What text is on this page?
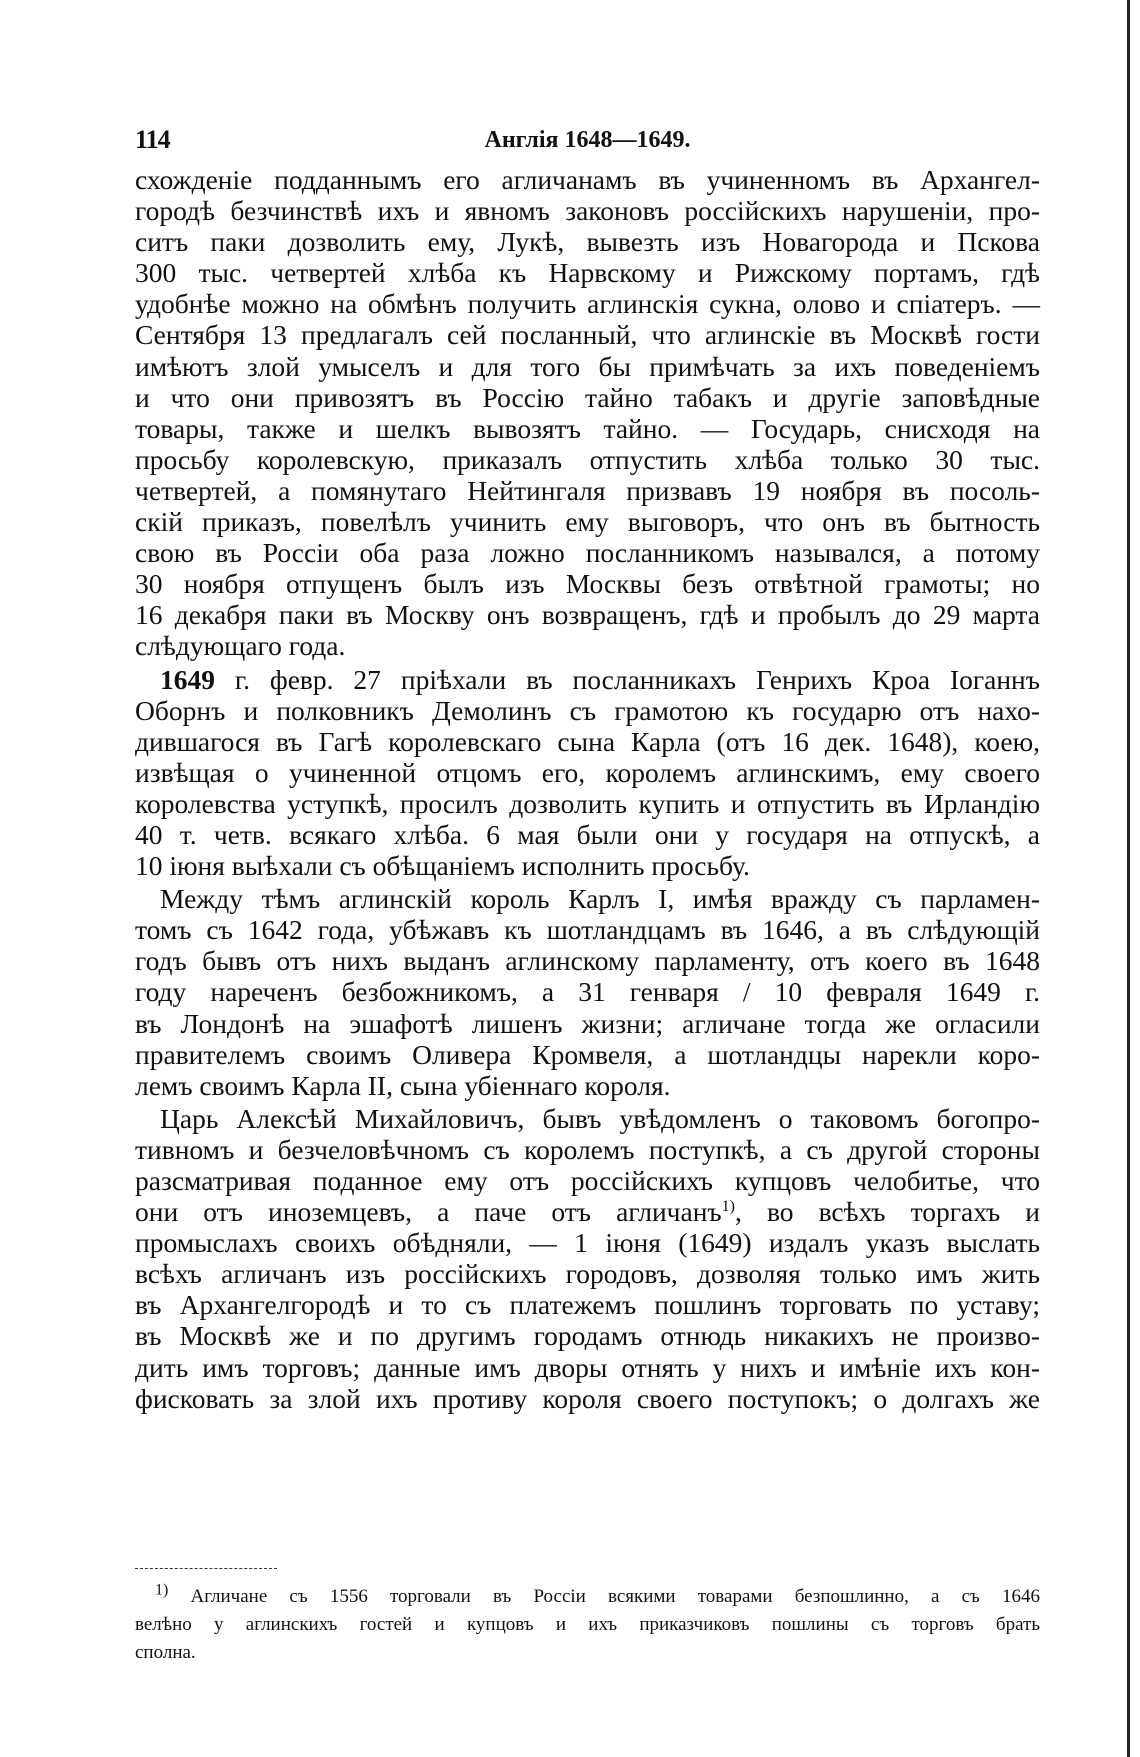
114	Англія 1648—1649.
схожденіе подданнымъ его агличанамъ въ учиненномъ въ Архангел-
городѣ безчинствѣ ихъ и явномъ законовъ россійскихъ нарушеніи, про-
ситъ паки дозволить ему, Лукѣ, вывезть изъ Новагорода и Пскова
300 тыс. четвертей хлѣба къ Нарвскому и Рижскому портамъ, гдѣ
удобнѣе можно на обмѣнъ получить аглинскія сукна, олово и спіатеръ. —
Сентября 13 предлагалъ сей посланный, что аглинскіе въ Москвѣ гости
имѣютъ злой умыселъ и для того бы примѣчать за ихъ поведеніемъ
и что они привозятъ въ Россію тайно табакъ и другіе заповѣдные
товары, также и шелкъ вывозятъ тайно. — Государь, снисходя на
просьбу королевскую, приказалъ отпустить хлѣба только 30 тыс.
четвертей, а помянутаго Нейтингаля призвавъ 19 ноября въ посоль-
скій приказъ, повелѣлъ учинить ему выговоръ, что онъ въ бытность
свою въ Россіи оба раза ложно посланникомъ назывался, а потому
30 ноября отпущенъ былъ изъ Москвы безъ отвѣтной грамоты; но
16 декабря паки въ Москву онъ возвращенъ, гдѣ и пробылъ до 29 марта
слѣдующаго года.
1649 г. февр. 27 пріѣхали въ посланникахъ Генрихъ Кроа Іоганнъ
Оборнъ и полковникъ Демолинъ съ грамотою къ государю отъ нахо-
дившагося въ Гагѣ королевскаго сына Карла (отъ 16 дек. 1648), коею,
извѣщая о учиненной отцомъ его, королемъ аглинскимъ, ему своего
королевства уступкѣ, просилъ дозволить купить и отпустить въ Ирландію
40 т. четв. всякаго хлѣба. 6 мая были они у государя на отпускѣ, а
10 іюня выѣхали съ обѣщаніемъ исполнить просьбу.
Между тѣмъ аглинскій король Карлъ I, имѣя вражду съ парламен-
томъ съ 1642 года, убѣжавъ къ шотландцамъ въ 1646, а въ слѣдующій
годъ бывъ отъ нихъ выданъ аглинскому парламенту, отъ коего въ 1648
году нареченъ безбожникомъ, а 31 генваря / 10 февраля 1649 г.
въ Лондонѣ на эшафотѣ лишенъ жизни; агличане тогда же огласили
правителемъ своимъ Оливера Кромвеля, а шотландцы нарекли коро-
лемъ своимъ Карла II, сына убіеннаго короля.
Царь Алексѣй Михайловичъ, бывъ увѣдомленъ о таковомъ богопро-
тивномъ и безчеловѣчномъ съ королемъ поступкѣ, а съ другой стороны
разсматривая поданное ему отъ россійскихъ купцовъ челобитье, что
они отъ иноземцевъ, а паче отъ агличанъ$^{1)}$, во всѣхъ торгахъ и
промыслахъ своихъ обѣдняли, — 1 іюня (1649) издалъ указъ выслать
всѣхъ агличанъ изъ россійскихъ городовъ, дозволяя только имъ жить
въ Архангелгородѣ и то съ платежемъ пошлинъ торговать по уставу;
въ Москвѣ же и по другимъ городамъ отнюдь никакихъ не произво-
дить имъ торговъ; данные имъ дворы отнять у нихъ и имѣніе ихъ кон-
фисковать за злой ихъ противу короля своего поступокъ; о долгахъ же
$^{1)}$ Агличане съ 1556 торговали въ Россіи всякими товарами безпошлинно, а съ 1646
велѣно у аглинскихъ гостей и купцовъ и ихъ приказчиковъ пошлины съ торговъ брать
сполна.
